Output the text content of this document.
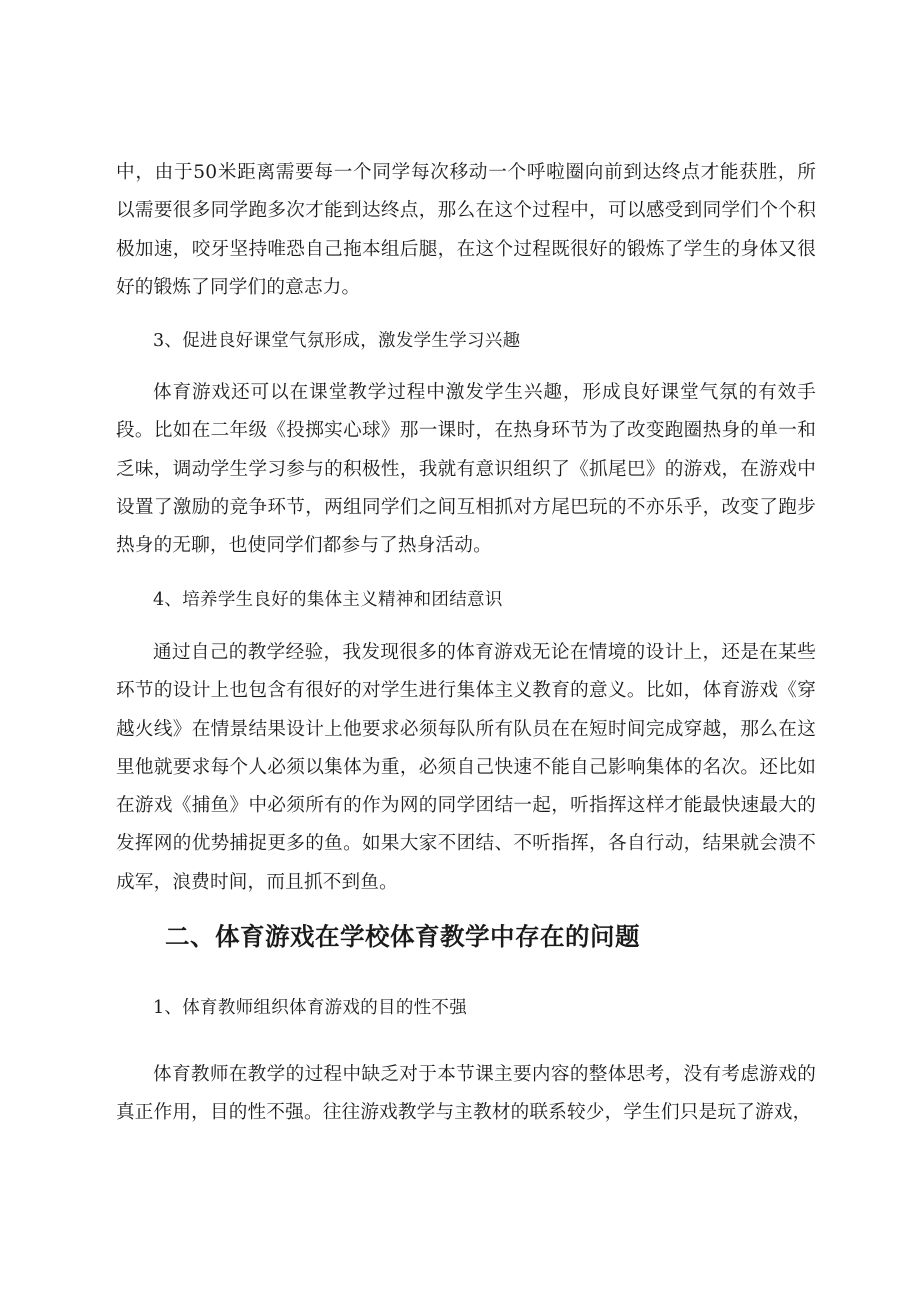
中，由于50米距离需要每一个同学每次移动一个呼啦圈向前到达终点才能获胜，所以需要很多同学跑多次才能到达终点，那么在这个过程中，可以感受到同学们个个积极加速，咬牙坚持唯恐自己拖本组后腿，在这个过程既很好的锻炼了学生的身体又很好的锻炼了同学们的意志力。

3、促进良好课堂气氛形成，激发学生学习兴趣

体育游戏还可以在课堂教学过程中激发学生兴趣，形成良好课堂气氛的有效手段。比如在二年级《投掷实心球》那一课时，在热身环节为了改变跑圈热身的单一和乏味，调动学生学习参与的积极性，我就有意识组织了《抓尾巴》的游戏，在游戏中设置了激励的竞争环节，两组同学们之间互相抓对方尾巴玩的不亦乐乎，改变了跑步热身的无聊，也使同学们都参与了热身活动。

4、培养学生良好的集体主义精神和团结意识

通过自己的教学经验，我发现很多的体育游戏无论在情境的设计上，还是在某些环节的设计上也包含有很好的对学生进行集体主义教育的意义。比如，体育游戏《穿越火线》在情景结果设计上他要求必须每队所有队员在在短时间完成穿越，那么在这里他就要求每个人必须以集体为重，必须自己快速不能自己影响集体的名次。还比如在游戏《捕鱼》中必须所有的作为网的同学团结一起，听指挥这样才能最快速最大的发挥网的优势捕捉更多的鱼。如果大家不团结、不听指挥，各自行动，结果就会溃不成军，浪费时间，而且抓不到鱼。

二、体育游戏在学校体育教学中存在的问题

1、体育教师组织体育游戏的目的性不强

体育教师在教学的过程中缺乏对于本节课主要内容的整体思考，没有考虑游戏的真正作用，目的性不强。往往游戏教学与主教材的联系较少，学生们只是玩了游戏，
